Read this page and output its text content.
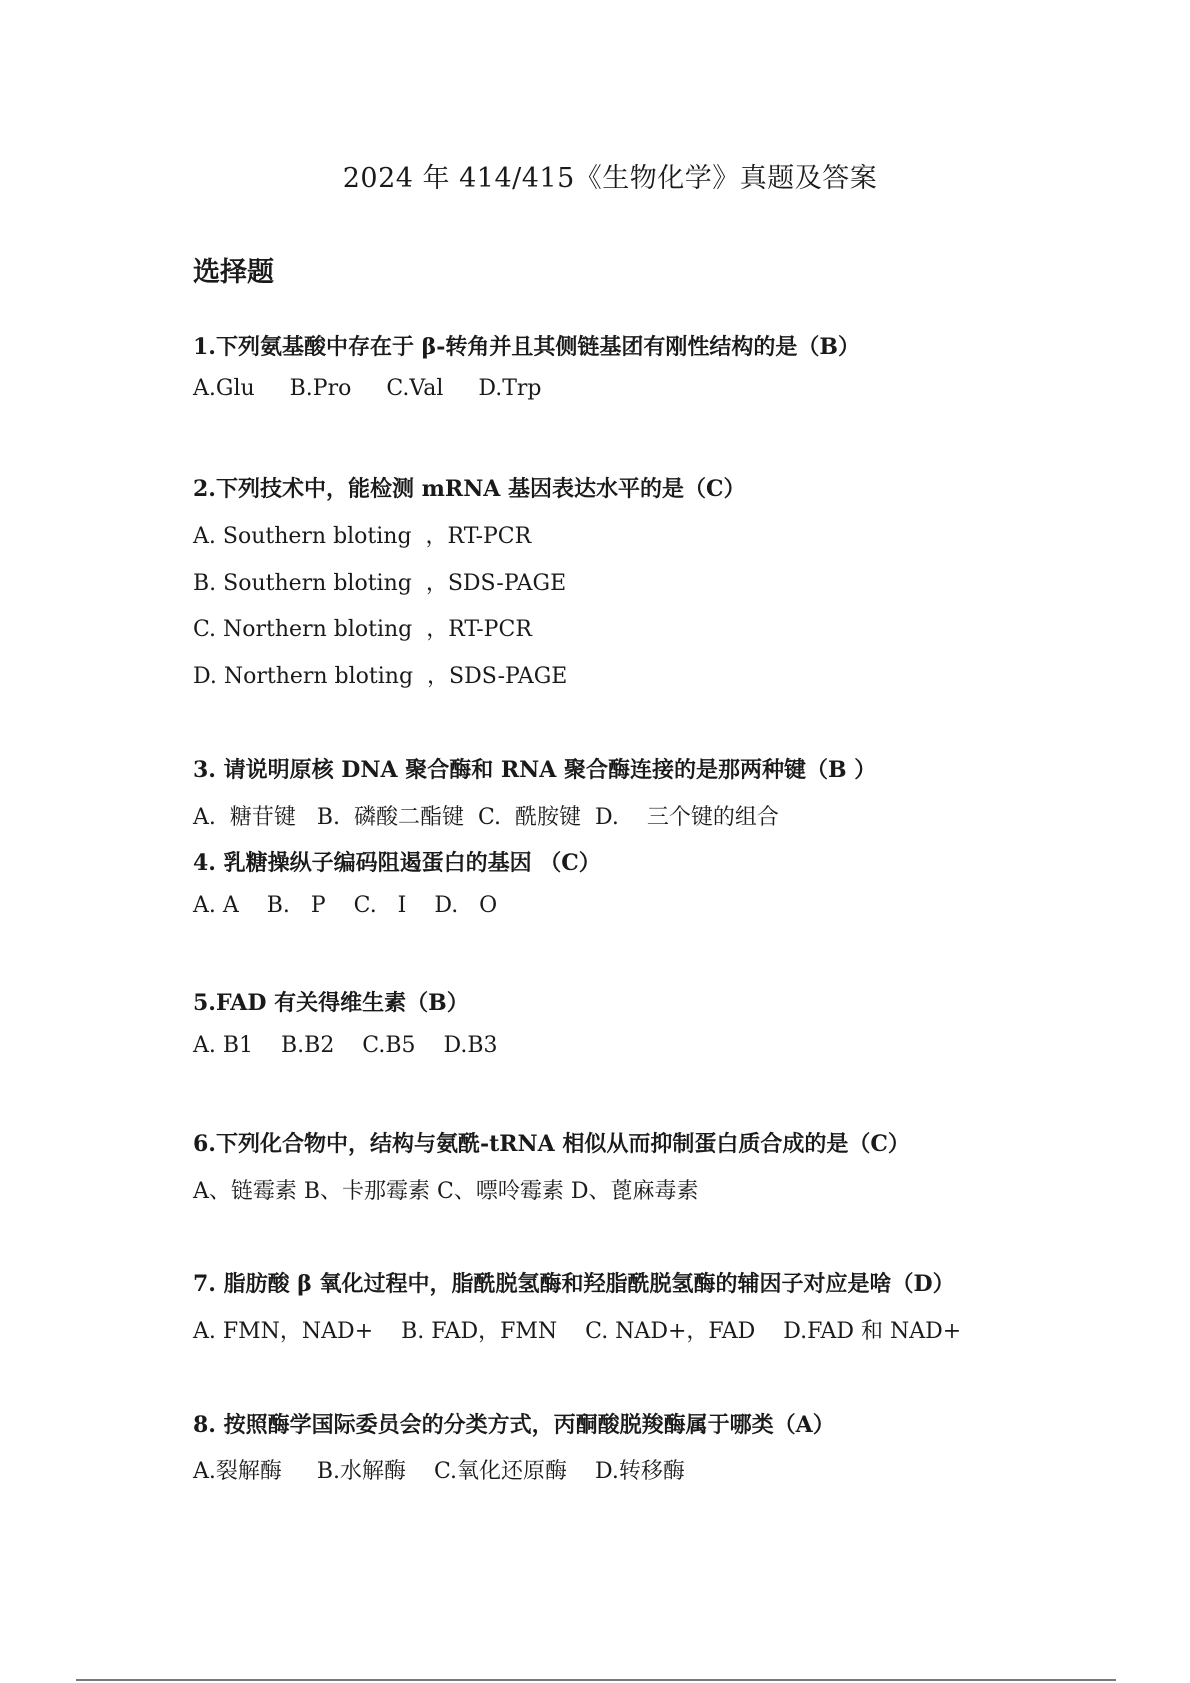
2024 年 414/415《生物化学》真题及答案
选择题
1.下列氨基酸中存在于 β-转角并且其侧链基团有刚性结构的是（B）
A.Glu     B.Pro     C.Val     D.Trp
2.下列技术中，能检测 mRNA 基因表达水平的是（C）
A. Southern bloting  ，RT-PCR
B. Southern bloting  ，SDS-PAGE
C. Northern bloting  ，RT-PCR
D. Northern bloting  ，SDS-PAGE
3. 请说明原核 DNA 聚合酶和 RNA 聚合酶连接的是那两种键（B ）
A.  糖苷键   B.  磷酸二酯键  C.  酰胺键  D.    三个键的组合
4. 乳糖操纵子编码阻遏蛋白的基因 （C）
A. A    B.   P    C.   I    D.   O
5.FAD 有关得维生素（B）
A. B1    B.B2    C.B5    D.B3
6.下列化合物中，结构与氨酰-tRNA 相似从而抑制蛋白质合成的是（C）
A、链霉素 B、卡那霉素 C、嘌呤霉素 D、蓖麻毒素
7. 脂肪酸 β 氧化过程中，脂酰脱氢酶和羟脂酰脱氢酶的辅因子对应是啥（D）
A. FMN，NAD+    B. FAD，FMN    C. NAD+，FAD    D.FAD 和 NAD+
8. 按照酶学国际委员会的分类方式，丙酮酸脱羧酶属于哪类（A）
A.裂解酶     B.水解酶    C.氧化还原酶    D.转移酶
